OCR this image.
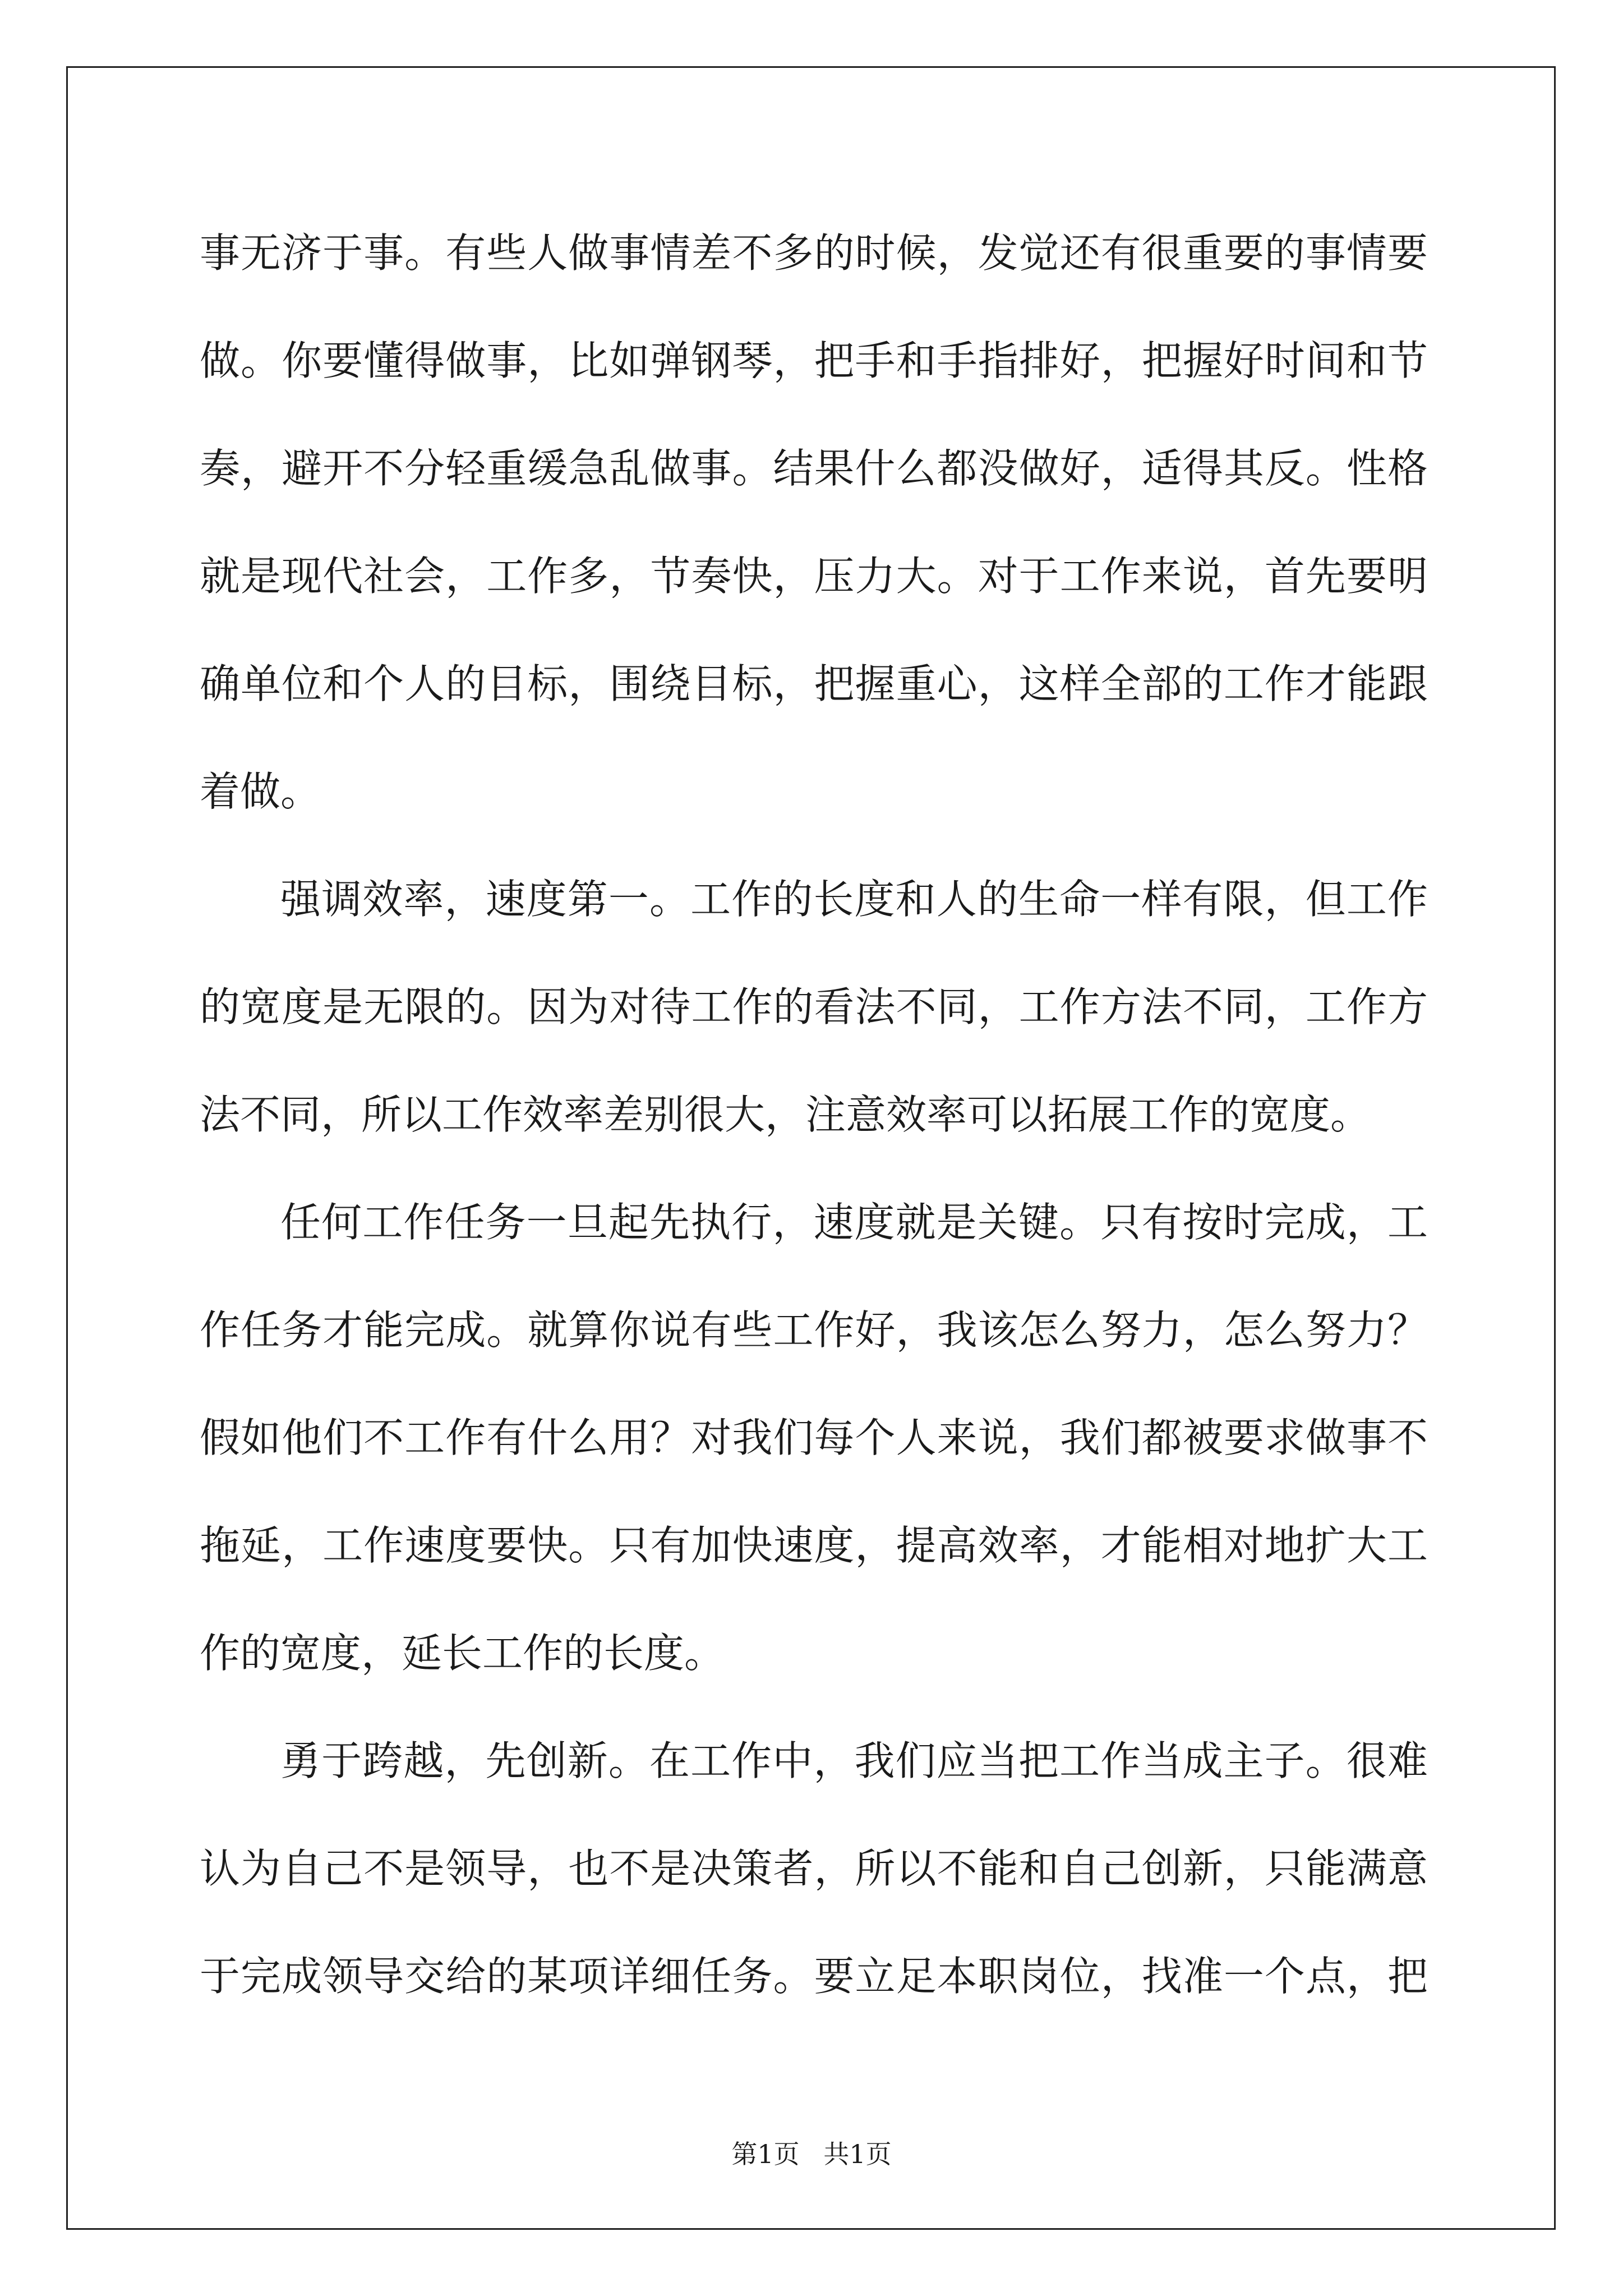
事无济于事。有些人做事情差不多的时候，发觉还有很重要的事情要
做。你要懂得做事，比如弹钢琴，把手和手指排好，把握好时间和节
奏，避开不分轻重缓急乱做事。结果什么都没做好，适得其反。性格
就是现代社会，工作多，节奏快，压力大。对于工作来说，首先要明
确单位和个人的目标，围绕目标，把握重心，这样全部的工作才能跟
着做。
强调效率，速度第一。工作的长度和人的生命一样有限，但工作
的宽度是无限的。因为对待工作的看法不同，工作方法不同，工作方
法不同，所以工作效率差别很大，注意效率可以拓展工作的宽度。
任何工作任务一旦起先执行，速度就是关键。只有按时完成，工
作任务才能完成。就算你说有些工作好，我该怎么努力，怎么努力？
假如他们不工作有什么用？对我们每个人来说，我们都被要求做事不
拖延，工作速度要快。只有加快速度，提高效率，才能相对地扩大工
作的宽度，延长工作的长度。
勇于跨越，先创新。在工作中，我们应当把工作当成主子。很难
认为自己不是领导，也不是决策者，所以不能和自己创新，只能满意
于完成领导交给的某项详细任务。要立足本职岗位，找准一个点，把
第1页 共1页
